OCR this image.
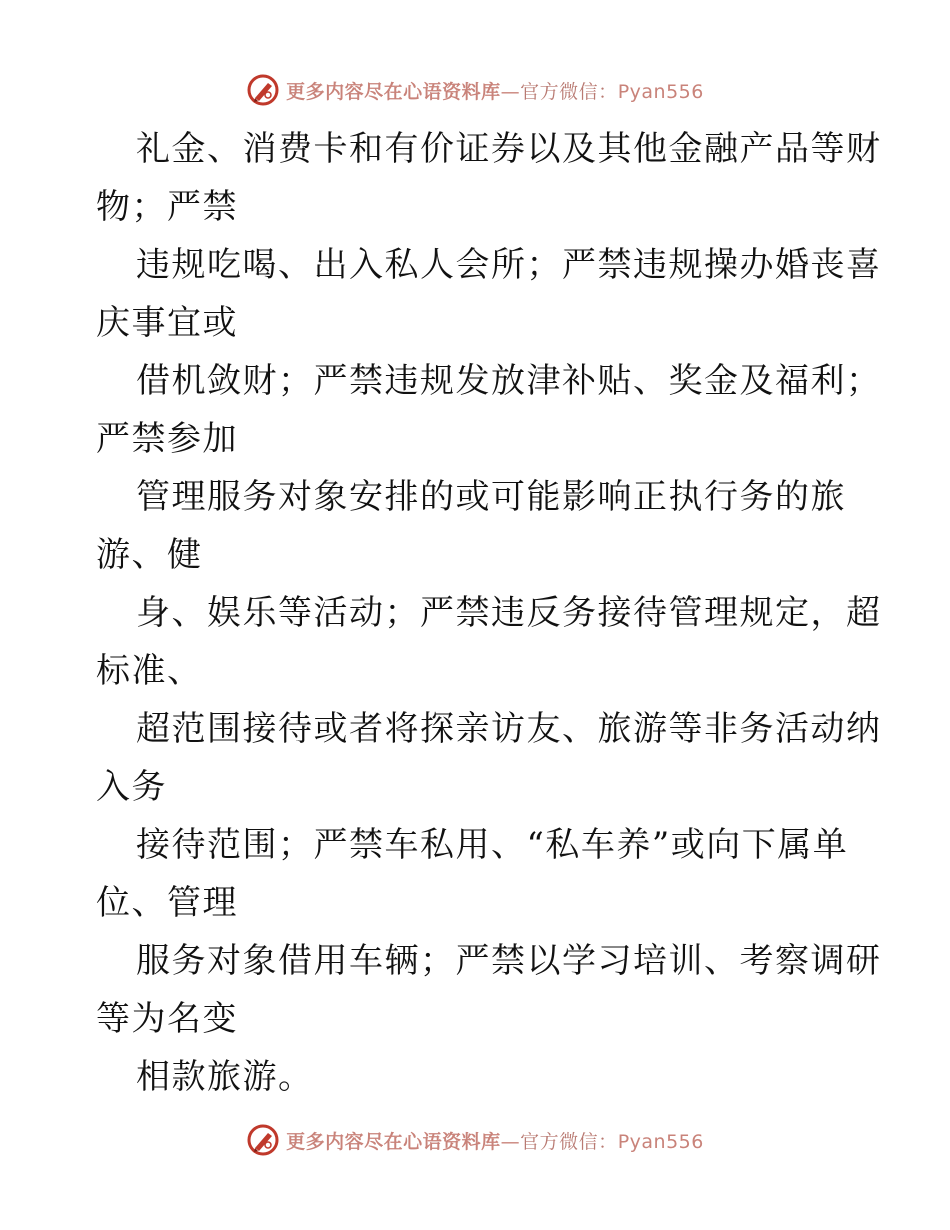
更多内容尽在心语资料库—官方微信：Pyan556
礼金、消费卡和有价证券以及其他金融产品等财
物；严禁
违规吃喝、出入私人会所；严禁违规操办婚丧喜
庆事宜或
借机敛财；严禁违规发放津补贴、奖金及福利；
严禁参加
管理服务对象安排的或可能影响正执行务的旅
游、健
身、娱乐等活动；严禁违反务接待管理规定，超
标准、
超范围接待或者将探亲访友、旅游等非务活动纳
入务
接待范围；严禁车私用、“私车养”或向下属单
位、管理
服务对象借用车辆；严禁以学习培训、考察调研
等为名变
相款旅游。
更多内容尽在心语资料库—官方微信：Pyan556
